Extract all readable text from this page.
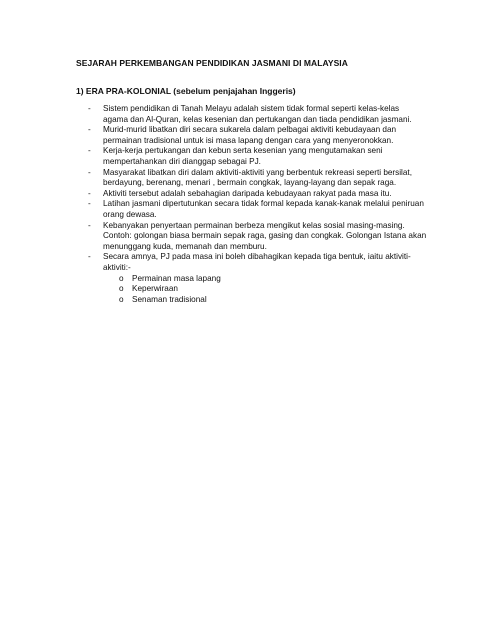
SEJARAH PERKEMBANGAN PENDIDIKAN JASMANI DI MALAYSIA
1) ERA PRA-KOLONIAL (sebelum penjajahan Inggeris)
- Sistem pendidikan di Tanah Melayu adalah sistem tidak formal seperti kelas-kelas
agama dan Al-Quran, kelas kesenian dan pertukangan dan tiada pendidikan jasmani.
- Murid-murid libatkan diri secara sukarela dalam pelbagai aktiviti kebudayaan dan
permainan tradisional untuk isi masa lapang dengan cara yang menyeronokkan.
- Kerja-kerja pertukangan dan kebun serta kesenian yang mengutamakan seni
mempertahankan diri dianggap sebagai PJ.
- Masyarakat libatkan diri dalam aktiviti-aktiviti yang berbentuk rekreasi seperti bersilat,
berdayung, berenang, menari , bermain congkak, layang-layang dan sepak raga.
- Aktiviti tersebut adalah sebahagian daripada kebudayaan rakyat pada masa itu.
- Latihan jasmani dipertutunkan secara tidak formal kepada kanak-kanak melalui peniruan
orang dewasa.
- Kebanyakan penyertaan permainan berbeza mengikut kelas sosial masing-masing.
Contoh: golongan biasa bermain sepak raga, gasing dan congkak. Golongan Istana akan
menunggang kuda, memanah dan memburu.
- Secara amnya, PJ pada masa ini boleh dibahagikan kepada tiga bentuk, iaitu aktiviti-
aktiviti:-
o Permainan masa lapang
o Keperwiraan
o Senaman tradisional
